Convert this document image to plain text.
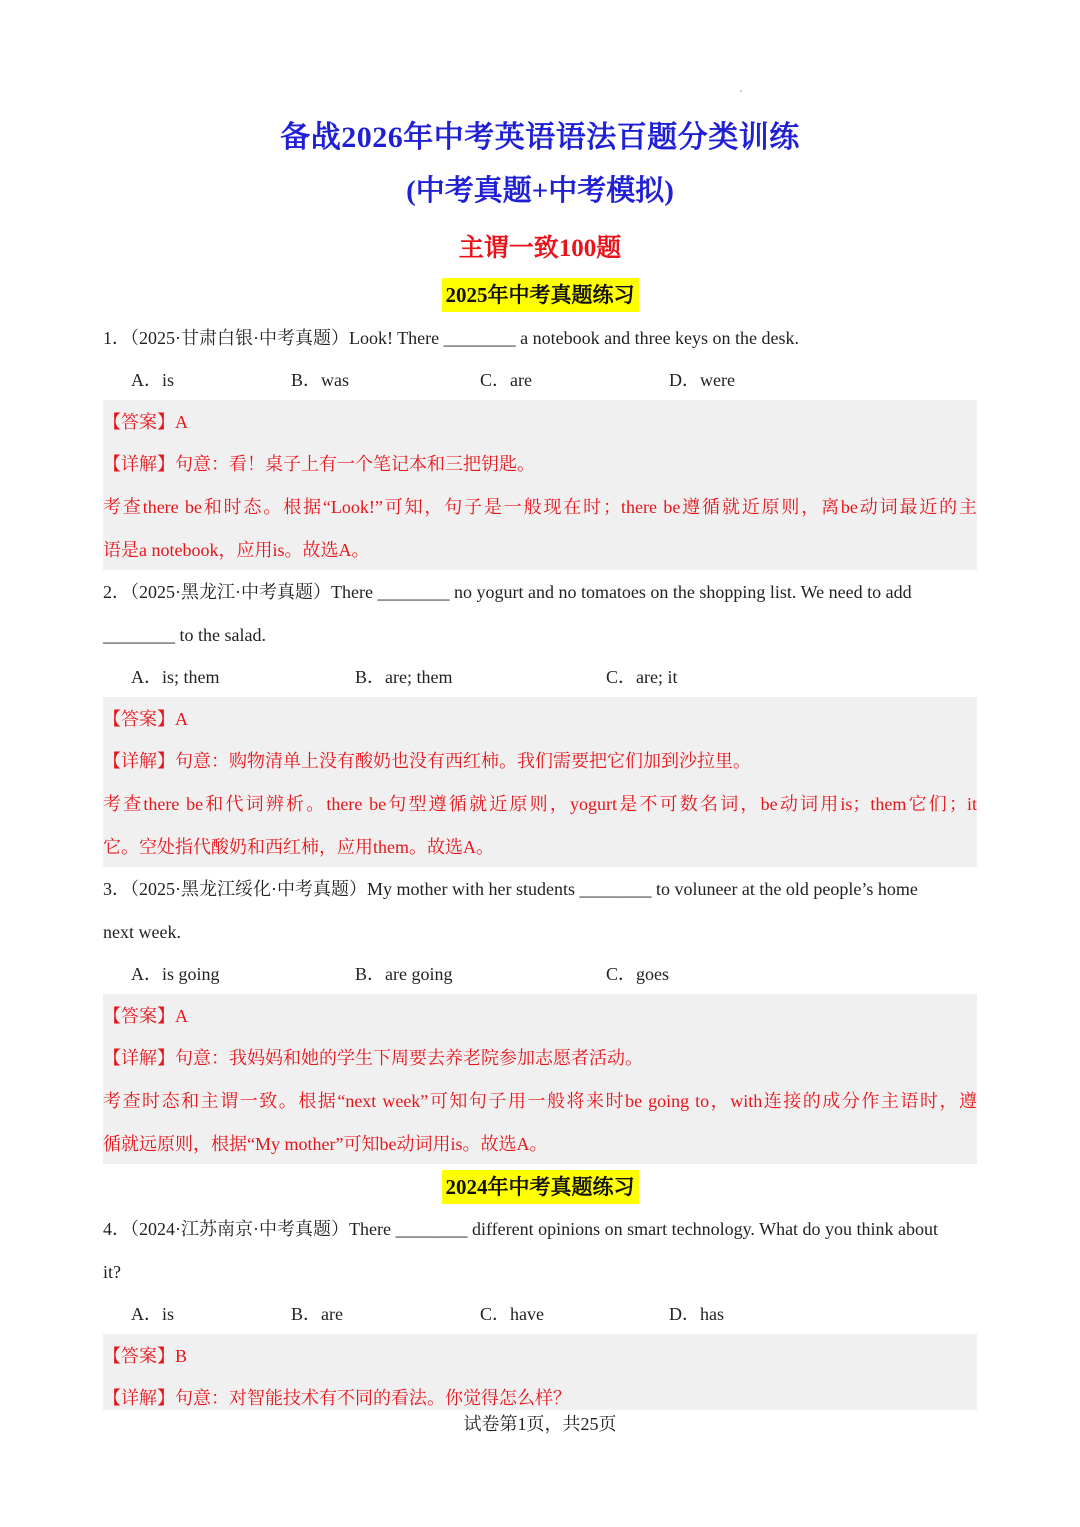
备战2026年中考英语语法百题分类训练
(中考真题+中考模拟)
主谓一致100题
2025年中考真题练习
1．（2025·甘肃白银·中考真题）Look! There ________ a notebook and three keys on the desk.
A．is	B．was	C．are	D．were
【答案】A
【详解】句意：看！桌子上有一个笔记本和三把钥匙。
考查there be和时态。根据“Look!”可知，句子是一般现在时；there be遵循就近原则，离be动词最近的主
语是a notebook，应用is。故选A。
2．（2025·黑龙江·中考真题）There ________ no yogurt and no tomatoes on the shopping list. We need to add
________ to the salad.
A．is; them	B．are; them	C．are; it
【答案】A
【详解】句意：购物清单上没有酸奶也没有西红柿。我们需要把它们加到沙拉里。
考查there be和代词辨析。there be句型遵循就近原则，yogurt是不可数名词，be动词用is；them它们；it
它。空处指代酸奶和西红柿，应用them。故选A。
3．（2025·黑龙江绥化·中考真题）My mother with her students ________ to voluneer at the old people’s home
next week.
A．is going	B．are going	C．goes
【答案】A
【详解】句意：我妈妈和她的学生下周要去养老院参加志愿者活动。
考查时态和主谓一致。根据“next week”可知句子用一般将来时be going to，with连接的成分作主语时，遵
循就远原则，根据“My mother”可知be动词用is。故选A。
2024年中考真题练习
4．（2024·江苏南京·中考真题）There ________ different opinions on smart technology. What do you think about
it?
A．is	B．are	C．have	D．has
【答案】B
【详解】句意：对智能技术有不同的看法。你觉得怎么样？
试卷第1页，共25页
